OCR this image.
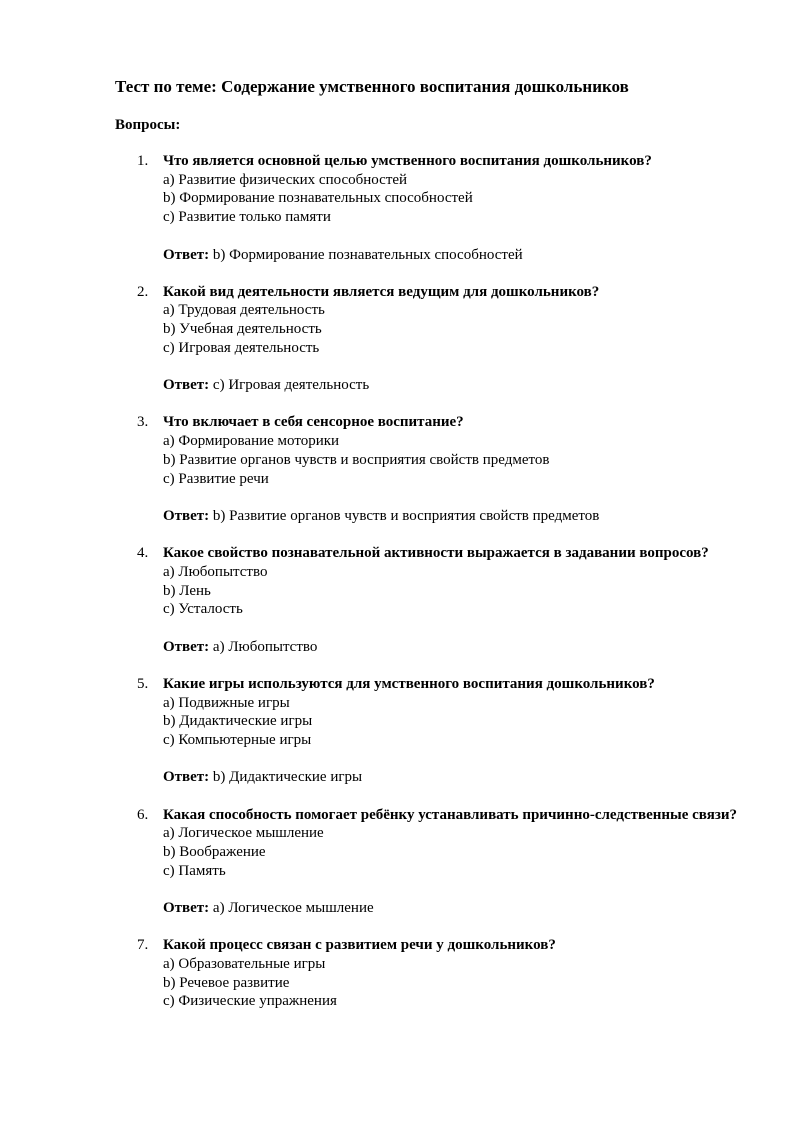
Тест по теме: Содержание умственного воспитания дошкольников
Вопросы:
1. Что является основной целью умственного воспитания дошкольников?
a) Развитие физических способностей
b) Формирование познавательных способностей
c) Развитие только памяти
Ответ: b) Формирование познавательных способностей
2. Какой вид деятельности является ведущим для дошкольников?
a) Трудовая деятельность
b) Учебная деятельность
c) Игровая деятельность
Ответ: c) Игровая деятельность
3. Что включает в себя сенсорное воспитание?
a) Формирование моторики
b) Развитие органов чувств и восприятия свойств предметов
c) Развитие речи
Ответ: b) Развитие органов чувств и восприятия свойств предметов
4. Какое свойство познавательной активности выражается в задавании вопросов?
a) Любопытство
b) Лень
c) Усталость
Ответ: a) Любопытство
5. Какие игры используются для умственного воспитания дошкольников?
a) Подвижные игры
b) Дидактические игры
c) Компьютерные игры
Ответ: b) Дидактические игры
6. Какая способность помогает ребёнку устанавливать причинно-следственные связи?
a) Логическое мышление
b) Воображение
c) Память
Ответ: a) Логическое мышление
7. Какой процесс связан с развитием речи у дошкольников?
a) Образовательные игры
b) Речевое развитие
c) Физические упражнения
